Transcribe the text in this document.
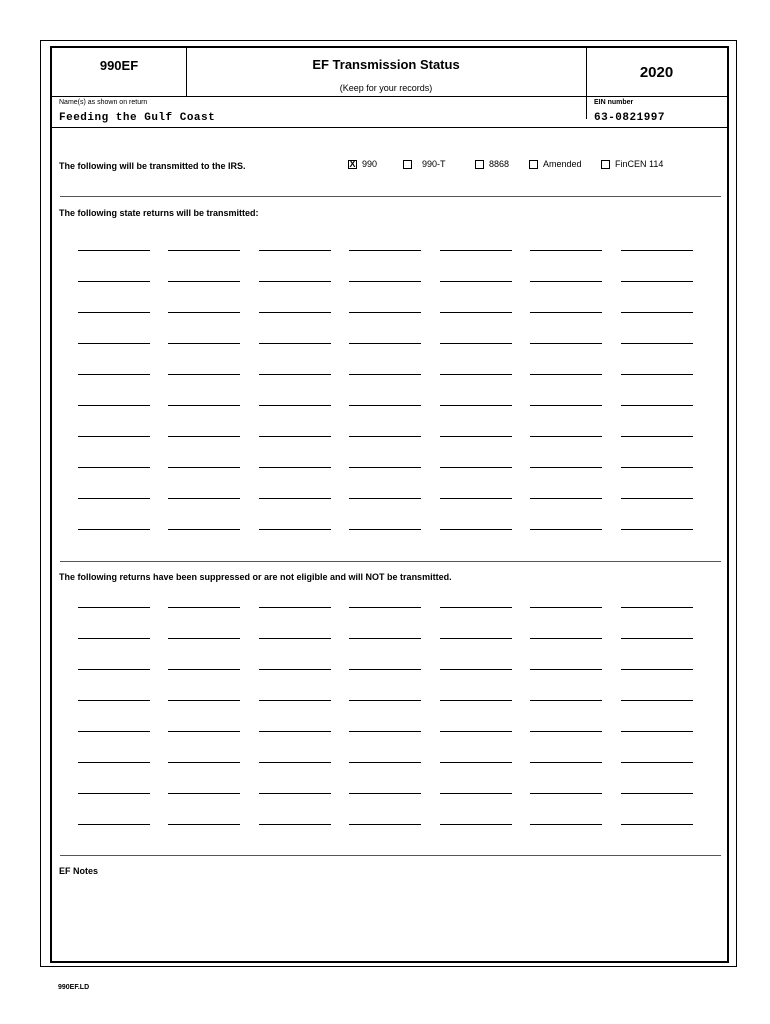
990EF	EF Transmission Status
(Keep for your records)
2020
Name(s) as shown on return
Feeding the Gulf Coast
EIN number
63-0821997
The following will be transmitted to the IRS.	X 990	990-T	8868	Amended	FinCEN 114
The following state returns will be transmitted:
The following returns have been suppressed or are not eligible and will NOT be transmitted.
EF Notes
990EF.LD
